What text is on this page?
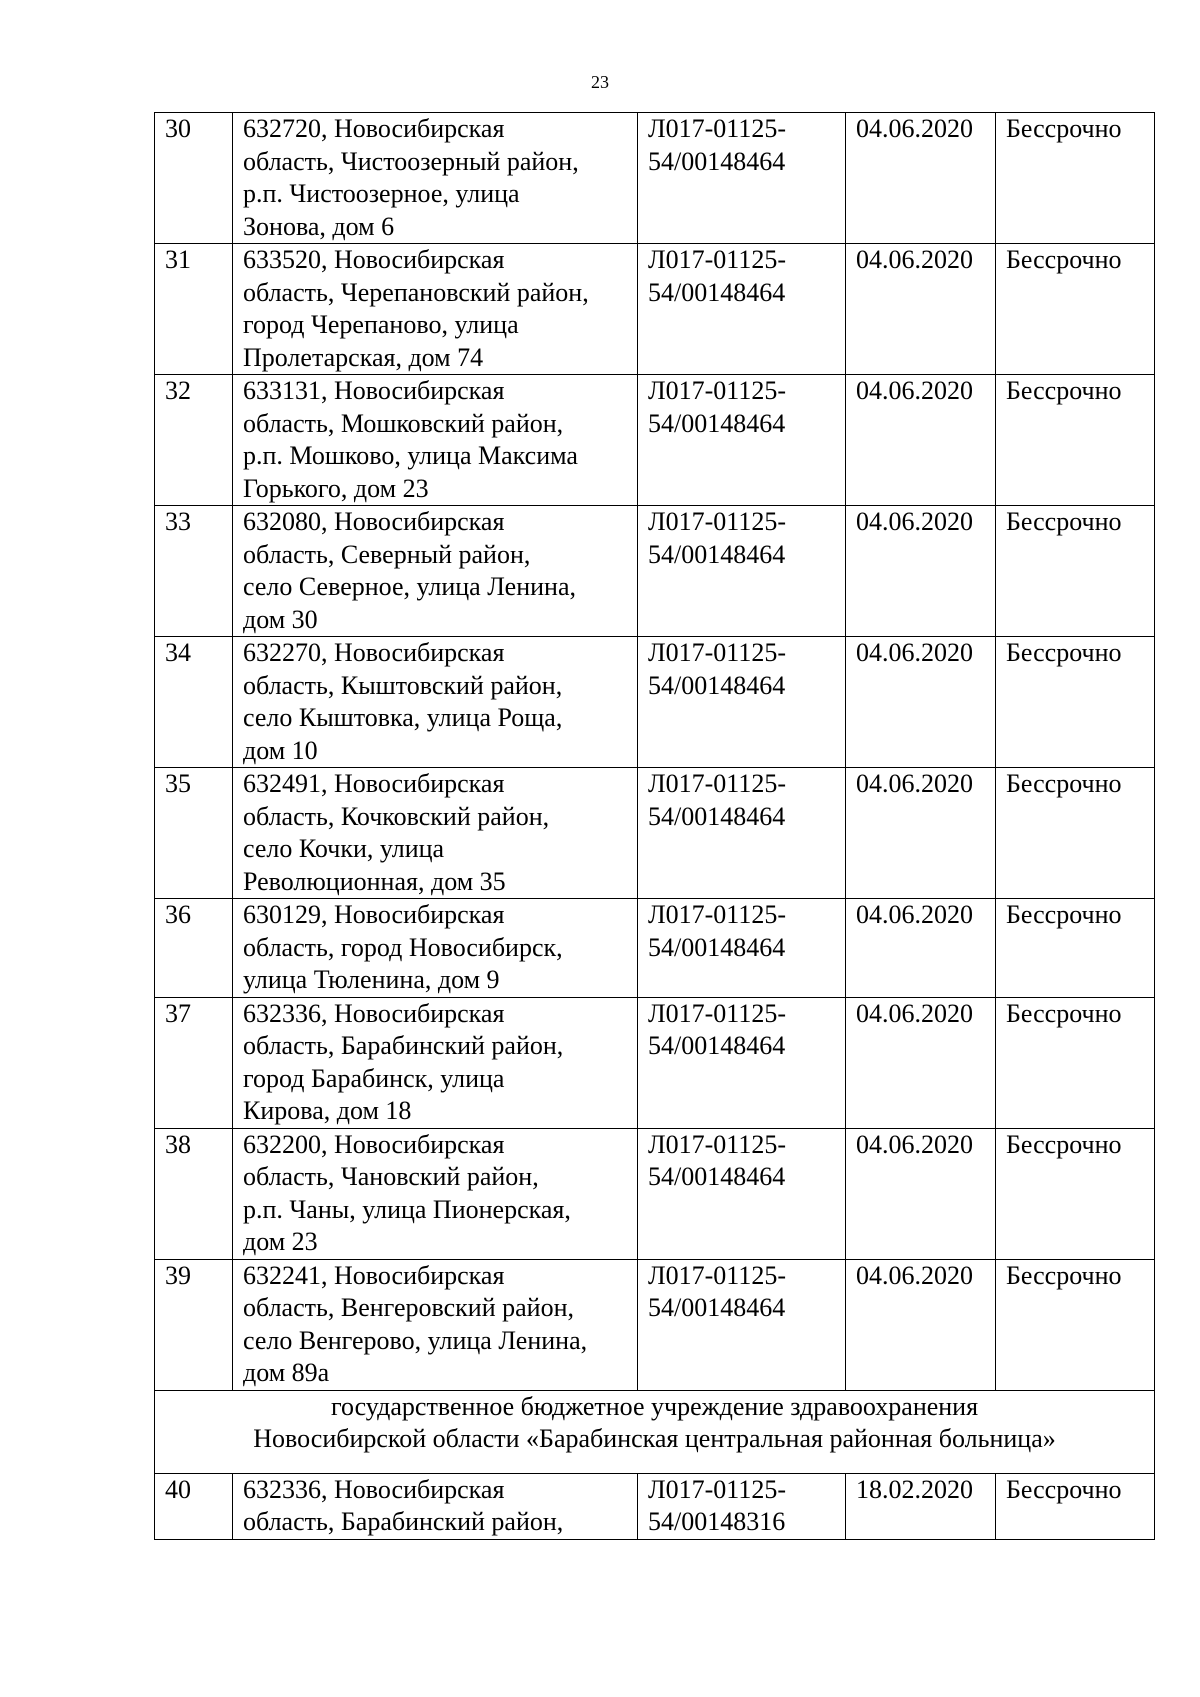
23
30	632720, Новосибирская
область, Чистоозерный район,
р.п. Чистоозерное, улица
Зонова, дом 6	Л017-01125-
54/00148464	04.06.2020	Бессрочно
31	633520, Новосибирская
область, Черепановский район,
город Черепаново, улица
Пролетарская, дом 74	Л017-01125-
54/00148464	04.06.2020	Бессрочно
32	633131, Новосибирская
область, Мошковский район,
р.п. Мошково, улица Максима
Горького, дом 23	Л017-01125-
54/00148464	04.06.2020	Бессрочно
33	632080, Новосибирская
область, Северный район,
село Северное, улица Ленина,
дом 30	Л017-01125-
54/00148464	04.06.2020	Бессрочно
34	632270, Новосибирская
область, Кыштовский район,
село Кыштовка, улица Роща,
дом 10	Л017-01125-
54/00148464	04.06.2020	Бессрочно
35	632491, Новосибирская
область, Кочковский район,
село Кочки, улица
Революционная, дом 35	Л017-01125-
54/00148464	04.06.2020	Бессрочно
36	630129, Новосибирская
область, город Новосибирск,
улица Тюленина, дом 9	Л017-01125-
54/00148464	04.06.2020	Бессрочно
37	632336, Новосибирская
область, Барабинский район,
город Барабинск, улица
Кирова, дом 18	Л017-01125-
54/00148464	04.06.2020	Бессрочно
38	632200, Новосибирская
область, Чановский район,
р.п. Чаны, улица Пионерская,
дом 23	Л017-01125-
54/00148464	04.06.2020	Бессрочно
39	632241, Новосибирская
область, Венгеровский район,
село Венгерово, улица Ленина,
дом 89а	Л017-01125-
54/00148464	04.06.2020	Бессрочно
государственное бюджетное учреждение здравоохранения
Новосибирской области «Барабинская центральная районная больница»				
40	632336, Новосибирская
область, Барабинский район,	Л017-01125-
54/00148316	18.02.2020	Бессрочно
